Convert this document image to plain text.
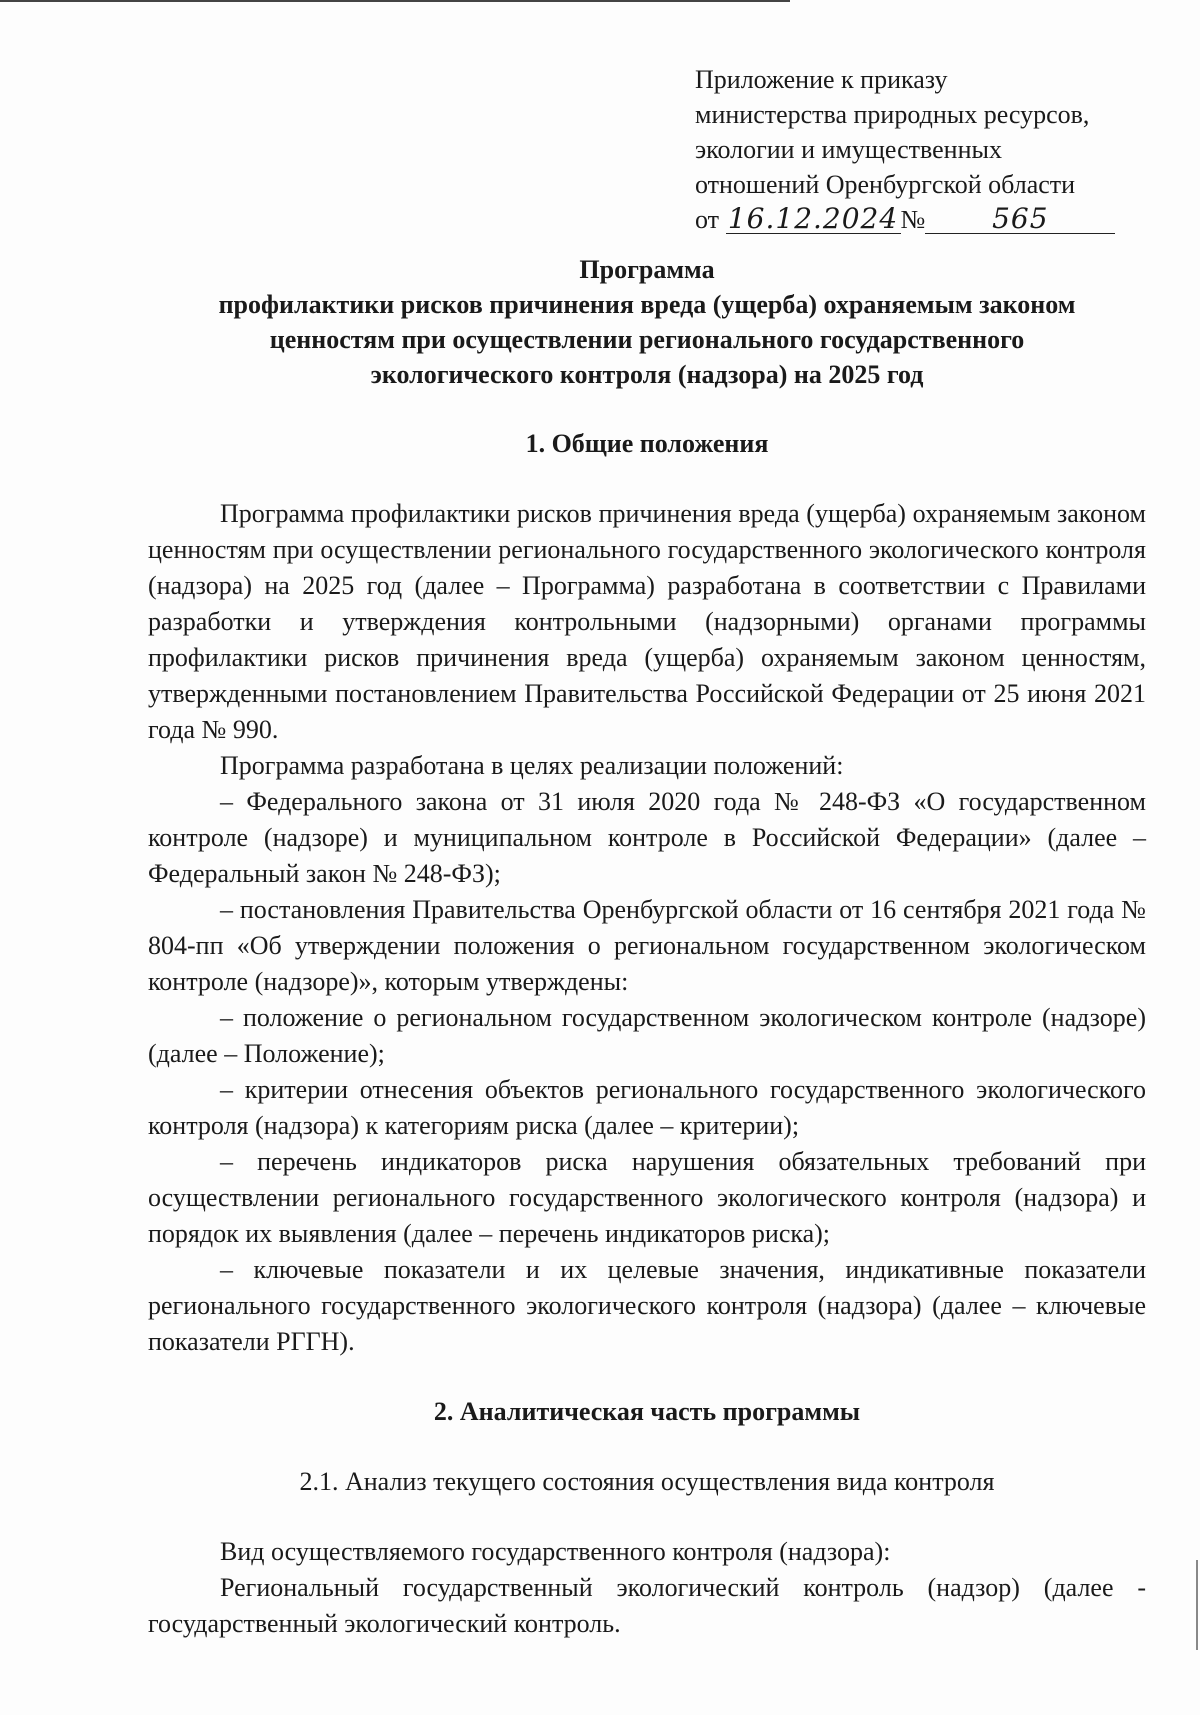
Приложение к приказу
министерства природных ресурсов,
экологии и имущественных
отношений Оренбургской области
от 16.12.2024№ 565
Программа
профилактики рисков причинения вреда (ущерба) охраняемым законом
ценностям при осуществлении регионального государственного
экологического контроля (надзора) на 2025 год
1. Общие положения

Программа профилактики рисков причинения вреда (ущерба) охраняемым законом ценностям при осуществлении регионального государственного экологического контроля (надзора) на 2025 год (далее – Программа) разработана в соответствии с Правилами разработки и утверждения контрольными (надзорными) органами программы профилактики рисков причинения вреда (ущерба) охраняемым законом ценностям, утвержденными постановлением Правительства Российской Федерации от 25 июня 2021 года № 990.

Программа разработана в целях реализации положений:

– Федерального закона от 31 июля 2020 года № 248-ФЗ «О государственном контроле (надзоре) и муниципальном контроле в Российской Федерации» (далее – Федеральный закон № 248-ФЗ);

– постановления Правительства Оренбургской области от 16 сентября 2021 года № 804-пп «Об утверждении положения о региональном государственном экологическом контроле (надзоре)», которым утверждены:

– положение о региональном государственном экологическом контроле (надзоре) (далее – Положение);

– критерии отнесения объектов регионального государственного экологического контроля (надзора) к категориям риска (далее – критерии);

– перечень индикаторов риска нарушения обязательных требований при осуществлении регионального государственного экологического контроля (надзора) и порядок их выявления (далее – перечень индикаторов риска);

– ключевые показатели и их целевые значения, индикативные показатели регионального государственного экологического контроля (надзора) (далее – ключевые показатели РГГН).

2. Аналитическая часть программы
2.1. Анализ текущего состояния осуществления вида контроля

Вид осуществляемого государственного контроля (надзора):

Региональный государственный экологический контроль (надзор) (далее - государственный экологический контроль.
